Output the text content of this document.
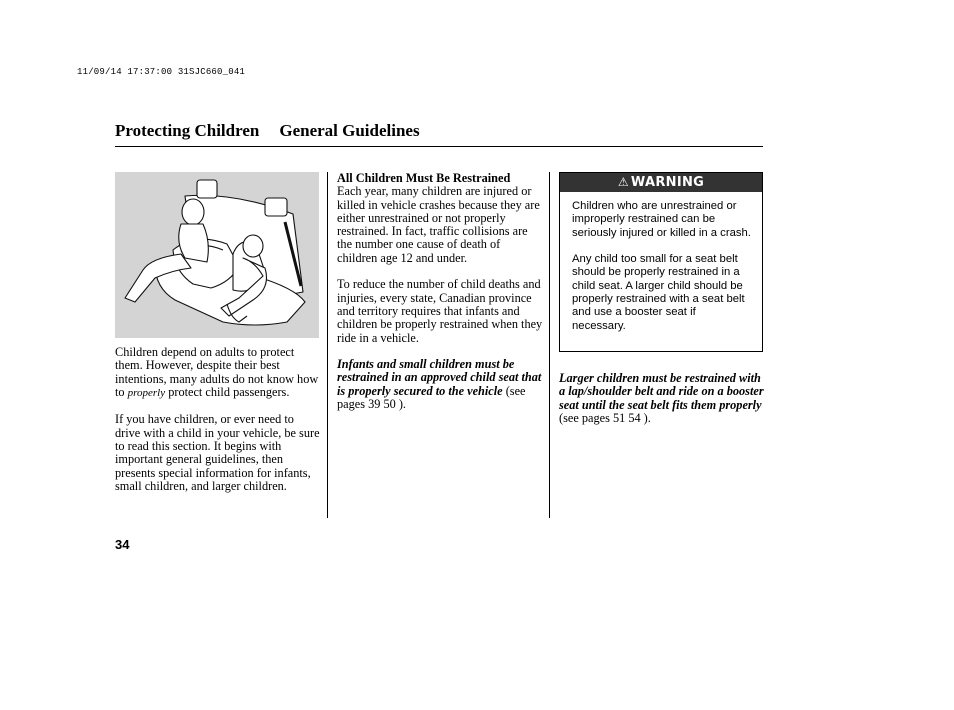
11/09/14 17:37:00 31SJC660_041
Protecting Children General Guidelines

Children depend on adults to protect them. However, despite their best intentions, many adults do not know how to properly protect child passengers.

If you have children, or ever need to drive with a child in your vehicle, be sure to read this section. It begins with important general guidelines, then presents special information for infants, small children, and larger children.

All Children Must Be Restrained

Each year, many children are injured or killed in vehicle crashes because they are either unrestrained or not properly restrained. In fact, traffic collisions are the number one cause of death of children age 12 and under.

To reduce the number of child deaths and injuries, every state, Canadian province and territory requires that infants and children be properly restrained when they ride in a vehicle.

Infants and small children must be restrained in an approved child seat that is properly secured to the vehicle (see pages 39 50 ).

⚠ WARNING

Children who are unrestrained or improperly restrained can be seriously injured or killed in a crash.

Any child too small for a seat belt should be properly restrained in a child seat. A larger child should be properly restrained with a seat belt and use a booster seat if necessary.

Larger children must be restrained with a lap/shoulder belt and ride on a booster seat until the seat belt fits them properly (see pages 51 54 ).

34
